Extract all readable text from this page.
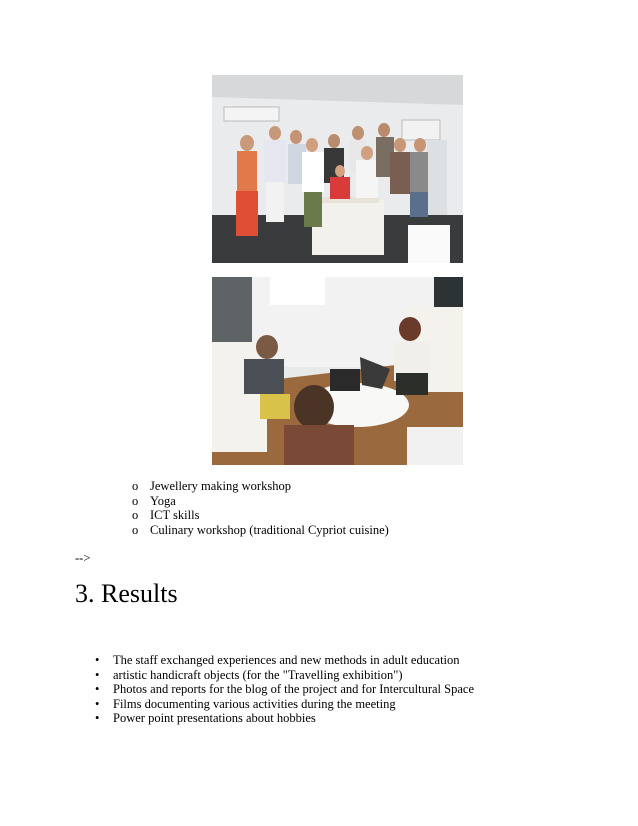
o Jewellery making workshop
o Yoga
o ICT skills
o Culinary workshop (traditional Cypriot cuisine)
-->
3. Results
• The staff exchanged experiences and new methods in adult education
• artistic handicraft objects (for the "Travelling exhibition")
• Photos and reports for the blog of the project and for Intercultural Space
• Films documenting various activities during the meeting
• Power point presentations about hobbies
